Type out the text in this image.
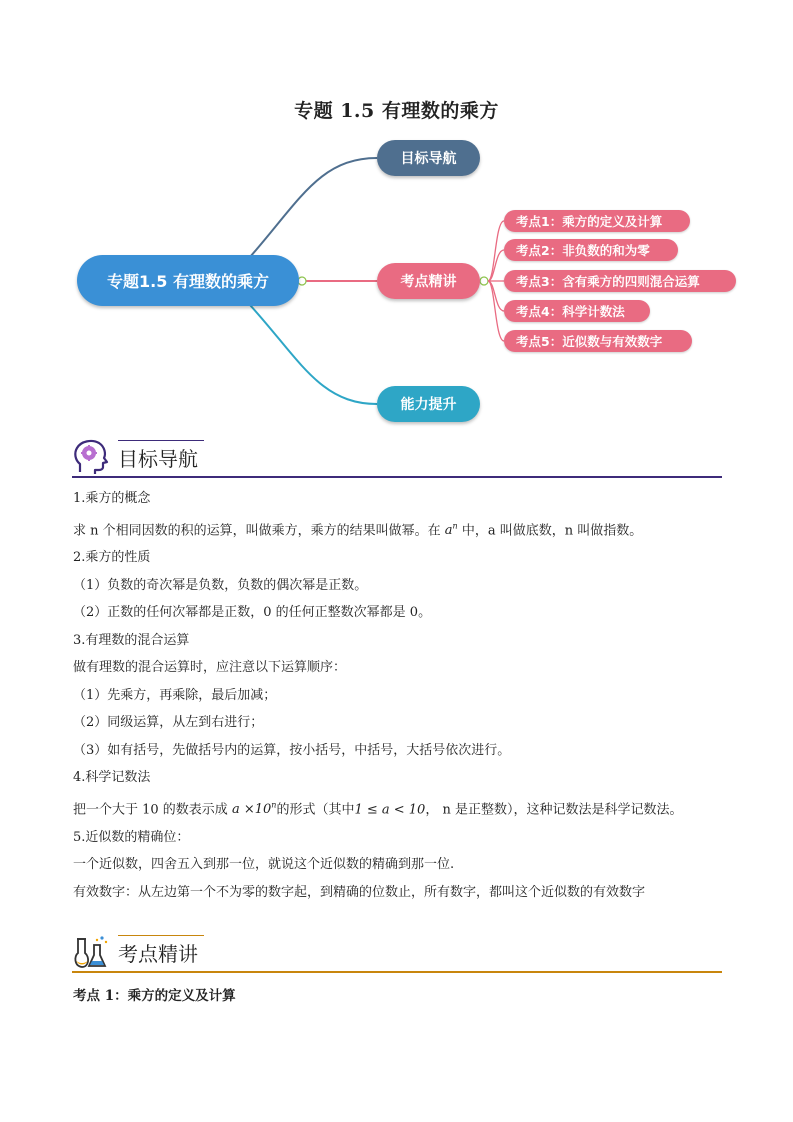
专题 1.5 有理数的乘方
专题1.5 有理数的乘方
目标导航
考点精讲
能力提升
考点1：乘方的定义及计算
考点2：非负数的和为零
考点3：含有乘方的四则混合运算
考点4：科学计数法
考点5：近似数与有效数字
目标导航

1.乘方的概念

求 n 个相同因数的积的运算，叫做乘方，乘方的结果叫做幂。在 $a^n$ 中，a 叫做底数，n 叫做指数。

2.乘方的性质

（1）负数的奇次幂是负数，负数的偶次幂是正数。

（2）正数的任何次幂都是正数，0 的任何正整数次幂都是 0。

3.有理数的混合运算

做有理数的混合运算时，应注意以下运算顺序：

（1）先乘方，再乘除，最后加减；

（2）同级运算，从左到右进行；

（3）如有括号，先做括号内的运算，按小括号，中括号，大括号依次进行。

4.科学记数法

把一个大于 10 的数表示成 $a \times 10^n$的形式（其中1 ≤ a < 10， n 是正整数），这种记数法是科学记数法。

5.近似数的精确位：

一个近似数，四舍五入到那一位，就说这个近似数的精确到那一位.

有效数字：从左边第一个不为零的数字起，到精确的位数止，所有数字，都叫这个近似数的有效数字

考点精讲
考点 1：乘方的定义及计算
